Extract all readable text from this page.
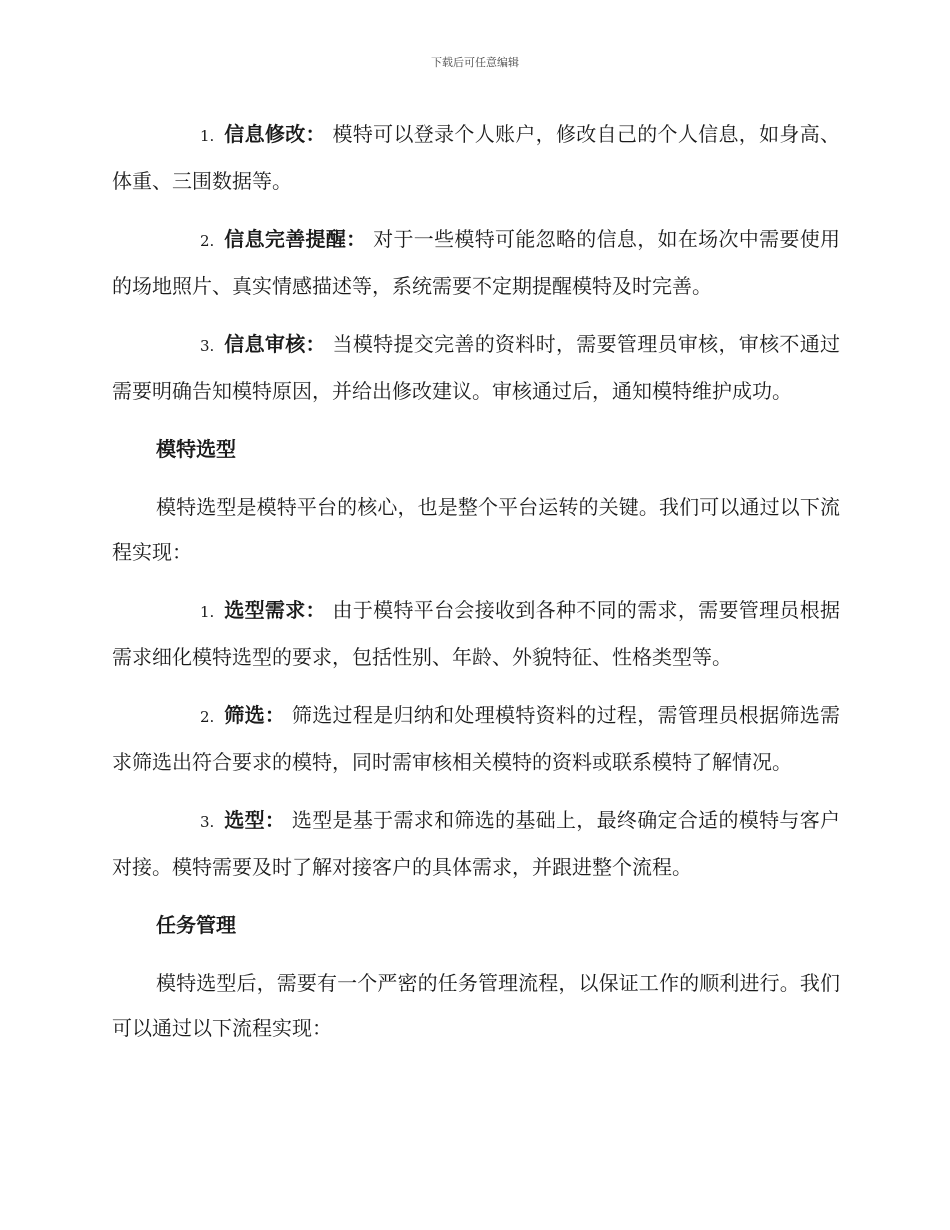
下载后可任意编辑

1. 信息修改： 模特可以登录个人账户，修改自己的个人信息，如身高、体重、三围数据等。

2. 信息完善提醒： 对于一些模特可能忽略的信息，如在场次中需要使用的场地照片、真实情感描述等，系统需要不定期提醒模特及时完善。

3. 信息审核： 当模特提交完善的资料时，需要管理员审核，审核不通过需要明确告知模特原因，并给出修改建议。审核通过后，通知模特维护成功。

模特选型

模特选型是模特平台的核心，也是整个平台运转的关键。我们可以通过以下流程实现：

1. 选型需求： 由于模特平台会接收到各种不同的需求，需要管理员根据需求细化模特选型的要求，包括性别、年龄、外貌特征、性格类型等。

2. 筛选： 筛选过程是归纳和处理模特资料的过程，需管理员根据筛选需求筛选出符合要求的模特，同时需审核相关模特的资料或联系模特了解情况。

3. 选型： 选型是基于需求和筛选的基础上，最终确定合适的模特与客户对接。模特需要及时了解对接客户的具体需求，并跟进整个流程。

任务管理

模特选型后，需要有一个严密的任务管理流程，以保证工作的顺利进行。我们可以通过以下流程实现：
